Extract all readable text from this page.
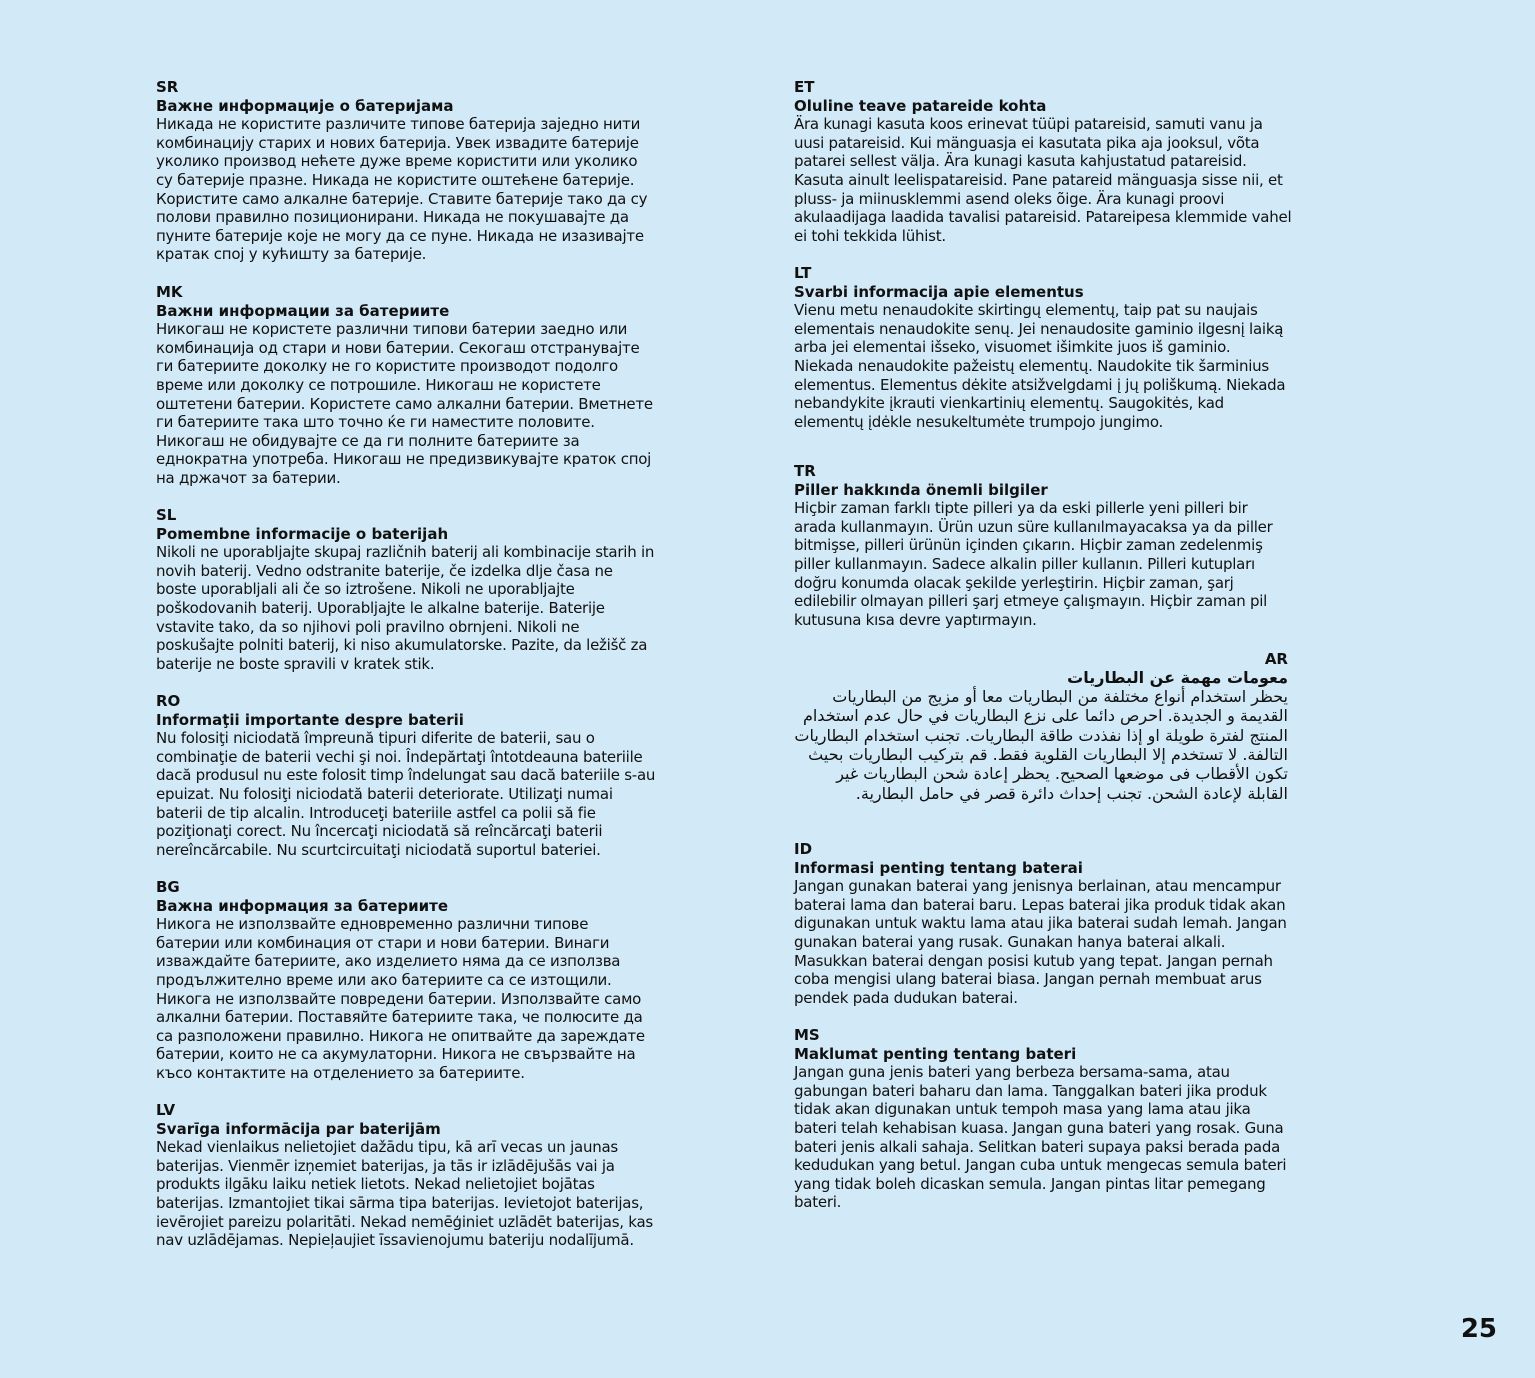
SR

Важне информације о батеријама

Никада не користите различите типове батерија заједно нити комбинацију старих и нових батерија. Увек извадите батерије уколико производ нећете дуже време користити или уколико су батерије празне. Никада не користите оштећене батерије. Користите само алкалне батерије. Ставите батерије тако да су полови правилно позиционирани. Никада не покушавајте да пуните батерије које не могу да се пуне. Никада не изазивајте кратак спој у кућишту за батерије.

MK

Важни информации за батериите

Никогаш не користете различни типови батерии заедно или комбинација од стари и нови батерии. Секогаш отстранувајте ги батериите доколку не го користите производот подолго време или доколку се потрошиле. Никогаш не користете оштетени батерии. Користете само алкални батерии. Вметнете ги батериите така што точно ќе ги наместите половите. Никогаш не обидувајте се да ги полните батериите за еднократна употреба. Никогаш не предизвикувајте краток спој на држачот за батерии.

SL

Pomembne informacije o baterijah

Nikoli ne uporabljajte skupaj različnih baterij ali kombinacije starih in novih baterij. Vedno odstranite baterije, če izdelka dlje časa ne boste uporabljali ali če so iztrošene. Nikoli ne uporabljajte poškodovanih baterij. Uporabljajte le alkalne baterije. Baterije vstavite tako, da so njihovi poli pravilno obrnjeni. Nikoli ne poskušajte polniti baterij, ki niso akumulatorske. Pazite, da ležišč za baterije ne boste spravili v kratek stik.

RO

Informaţii importante despre baterii

Nu folosiţi niciodată împreună tipuri diferite de baterii, sau o combinaţie de baterii vechi şi noi. Îndepărtaţi întotdeauna bateriile dacă produsul nu este folosit timp îndelungat sau dacă bateriile s-au epuizat. Nu folosiţi niciodată baterii deteriorate. Utilizaţi numai baterii de tip alcalin. Introduceţi bateriile astfel ca polii să fie poziţionaţi corect. Nu încercaţi niciodată să reîncărcaţi baterii nereîncărcabile. Nu scurtcircuitaţi niciodată suportul bateriei.

BG

Важна информация за батериите

Никога не използвайте едновременно различни типове батерии или комбинация от стари и нови батерии. Винаги изваждайте батериите, ако изделието няма да се използва продължително време или ако батериите са се изтощили. Никога не използвайте повредени батерии. Използвайте само алкални батерии. Поставяйте батериите така, че полюсите да са разположени правилно. Никога не опитвайте да зареждате батерии, които не са акумулаторни. Никога не свързвайте на късо контактите на отделението за батериите.

LV

Svarīga informācija par baterijām

Nekad vienlaikus nelietojiet dažādu tipu, kā arī vecas un jaunas baterijas. Vienmēr izņemiet baterijas, ja tās ir izlādējušās vai ja produkts ilgāku laiku netiek lietots. Nekad nelietojiet bojātas baterijas. Izmantojiet tikai sārma tipa baterijas. Ievietojot baterijas, ievērojiet pareizu polaritāti. Nekad nemēģiniet uzlādēt baterijas, kas nav uzlādējamas. Nepieļaujiet īssavienojumu bateriju nodalījumā.

ET

Oluline teave patareide kohta

Ära kunagi kasuta koos erinevat tüüpi patareisid, samuti vanu ja uusi patareisid. Kui mänguasja ei kasutata pika aja jooksul, võta patarei sellest välja. Ära kunagi kasuta kahjustatud patareisid. Kasuta ainult leelispatareisid. Pane patareid mänguasja sisse nii, et pluss- ja miinusklemmi asend oleks õige. Ära kunagi proovi akulaadijaga laadida tavalisi patareisid. Patareipesa klemmide vahel ei tohi tekkida lühist.

LT

Svarbi informacija apie elementus

Vienu metu nenaudokite skirtingų elementų, taip pat su naujais elementais nenaudokite senų. Jei nenaudosite gaminio ilgesnį laiką arba jei elementai išseko, visuomet išimkite juos iš gaminio. Niekada nenaudokite pažeistų elementų. Naudokite tik šarminius elementus. Elementus dėkite atsižvelgdami į jų poliškumą. Niekada nebandykite įkrauti vienkartinių elementų. Saugokitės, kad elementų įdėkle nesukeltumėte trumpojo jungimo.

TR

Piller hakkında önemli bilgiler

Hiçbir zaman farklı tipte pilleri ya da eski pillerle yeni pilleri bir arada kullanmayın. Ürün uzun süre kullanılmayacaksa ya da piller bitmişse, pilleri ürünün içinden çıkarın. Hiçbir zaman zedelenmiş piller kullanmayın. Sadece alkalin piller kullanın. Pilleri kutupları doğru konumda olacak şekilde yerleştirin. Hiçbir zaman, şarj edilebilir olmayan pilleri şarj etmeye çalışmayın. Hiçbir zaman pil kutusuna kısa devre yaptırmayın.

AR

معومات مهمة عن البطاريات

يحظر استخدام أنواع مختلفة من البطاريات معا أو مزيج من البطاريات القديمة و الجديدة. احرص دائما على نزع البطاريات في حال عدم استخدام المنتج لفترة طويلة او إذا نفذدت طاقة البطاريات. تجنب استخدام البطاريات التالفة. لا تستخدم إلا البطاريات القلوية فقط. قم بتركيب البطاريات بحيث تكون الأقطاب فى موضعها الصحيح. يحظر إعادة شحن البطاريات غير القابلة لإعادة الشحن. تجنب إحداث دائرة قصر في حامل البطارية.

ID

Informasi penting tentang baterai

Jangan gunakan baterai yang jenisnya berlainan, atau mencampur baterai lama dan baterai baru. Lepas baterai jika produk tidak akan digunakan untuk waktu lama atau jika baterai sudah lemah. Jangan gunakan baterai yang rusak. Gunakan hanya baterai alkali. Masukkan baterai dengan posisi kutub yang tepat. Jangan pernah coba mengisi ulang baterai biasa. Jangan pernah membuat arus pendek pada dudukan baterai.

MS

Maklumat penting tentang bateri

Jangan guna jenis bateri yang berbeza bersama-sama, atau gabungan bateri baharu dan lama. Tanggalkan bateri jika produk tidak akan digunakan untuk tempoh masa yang lama atau jika bateri telah kehabisan kuasa. Jangan guna bateri yang rosak. Guna bateri jenis alkali sahaja. Selitkan bateri supaya paksi berada pada kedudukan yang betul. Jangan cuba untuk mengecas semula bateri yang tidak boleh dicaskan semula. Jangan pintas litar pemegang bateri.

25
